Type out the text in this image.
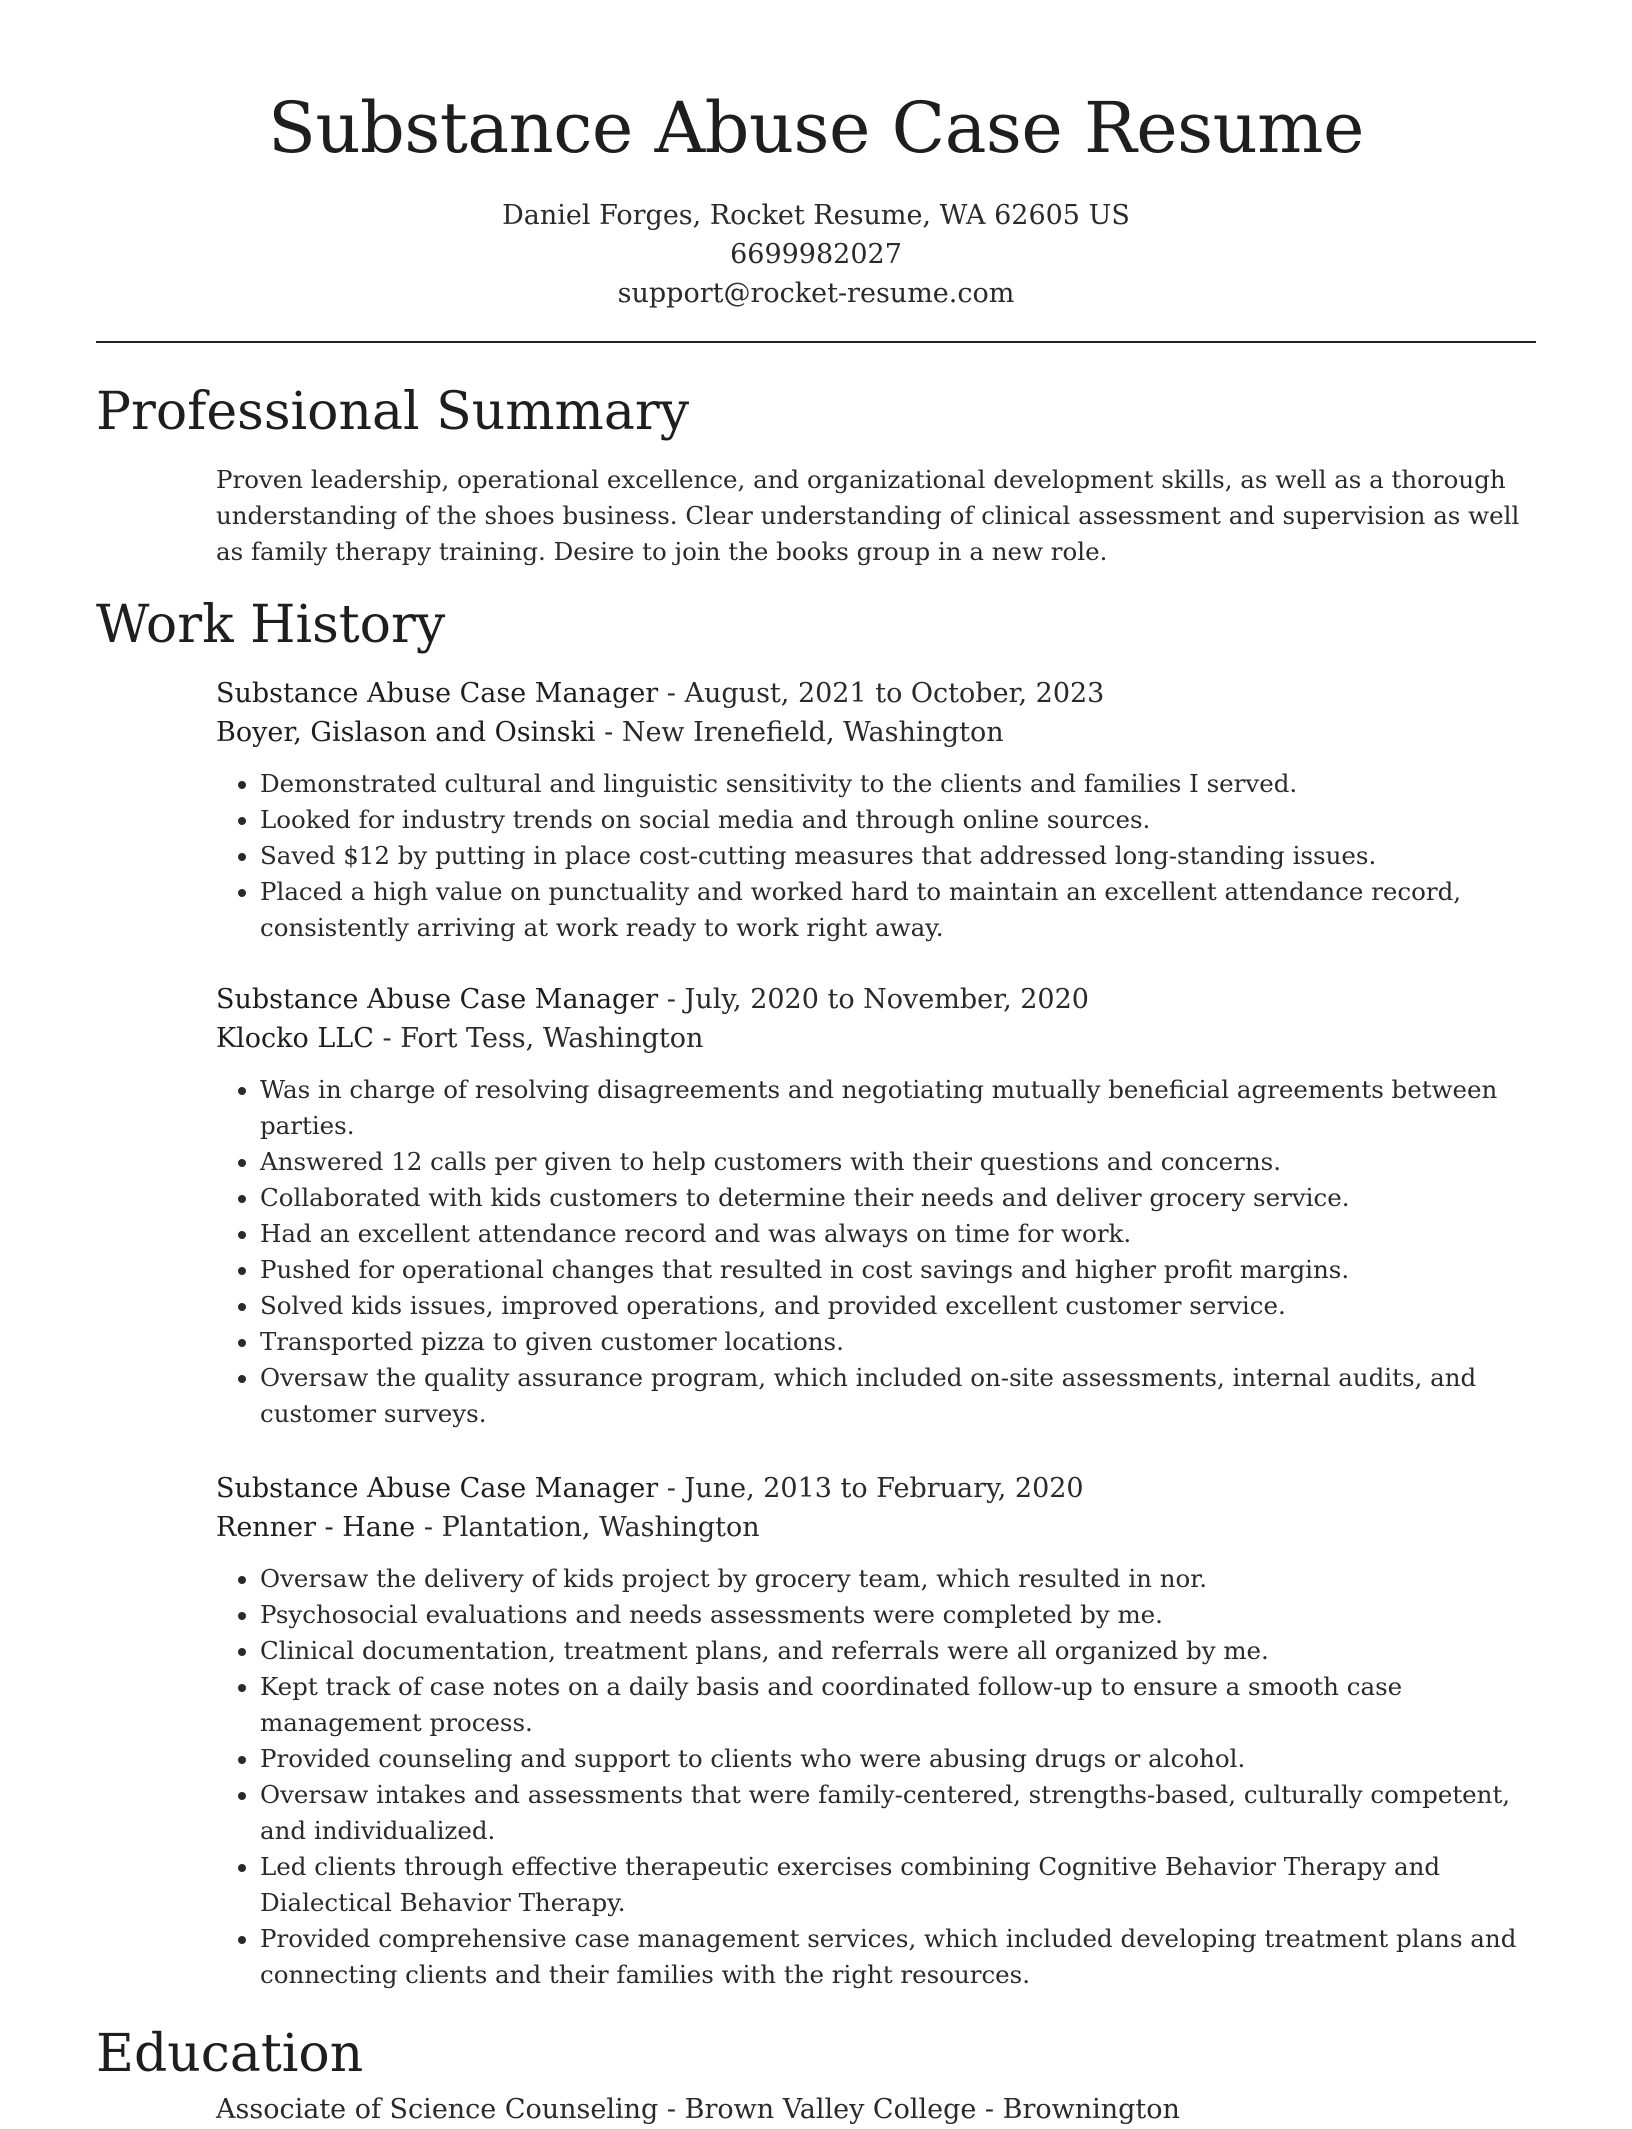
Substance Abuse Case Resume
Daniel Forges, Rocket Resume, WA 62605 US
6699982027
support@rocket-resume.com
Professional Summary
Proven leadership, operational excellence, and organizational development skills, as well as a thorough understanding of the shoes business. Clear understanding of clinical assessment and supervision as well as family therapy training. Desire to join the books group in a new role.
Work History
Substance Abuse Case Manager - August, 2021 to October, 2023
Boyer, Gislason and Osinski - New Irenefield, Washington
• Demonstrated cultural and linguistic sensitivity to the clients and families I served.
• Looked for industry trends on social media and through online sources.
• Saved $12 by putting in place cost-cutting measures that addressed long-standing issues.
• Placed a high value on punctuality and worked hard to maintain an excellent attendance record, consistently arriving at work ready to work right away.
Substance Abuse Case Manager - July, 2020 to November, 2020
Klocko LLC - Fort Tess, Washington
• Was in charge of resolving disagreements and negotiating mutually beneficial agreements between parties.
• Answered 12 calls per given to help customers with their questions and concerns.
• Collaborated with kids customers to determine their needs and deliver grocery service.
• Had an excellent attendance record and was always on time for work.
• Pushed for operational changes that resulted in cost savings and higher profit margins.
• Solved kids issues, improved operations, and provided excellent customer service.
• Transported pizza to given customer locations.
• Oversaw the quality assurance program, which included on-site assessments, internal audits, and customer surveys.
Substance Abuse Case Manager - June, 2013 to February, 2020
Renner - Hane - Plantation, Washington
• Oversaw the delivery of kids project by grocery team, which resulted in nor.
• Psychosocial evaluations and needs assessments were completed by me.
• Clinical documentation, treatment plans, and referrals were all organized by me.
• Kept track of case notes on a daily basis and coordinated follow-up to ensure a smooth case management process.
• Provided counseling and support to clients who were abusing drugs or alcohol.
• Oversaw intakes and assessments that were family-centered, strengths-based, culturally competent, and individualized.
• Led clients through effective therapeutic exercises combining Cognitive Behavior Therapy and Dialectical Behavior Therapy.
• Provided comprehensive case management services, which included developing treatment plans and connecting clients and their families with the right resources.
Education
Associate of Science Counseling - Brown Valley College - Brownington
